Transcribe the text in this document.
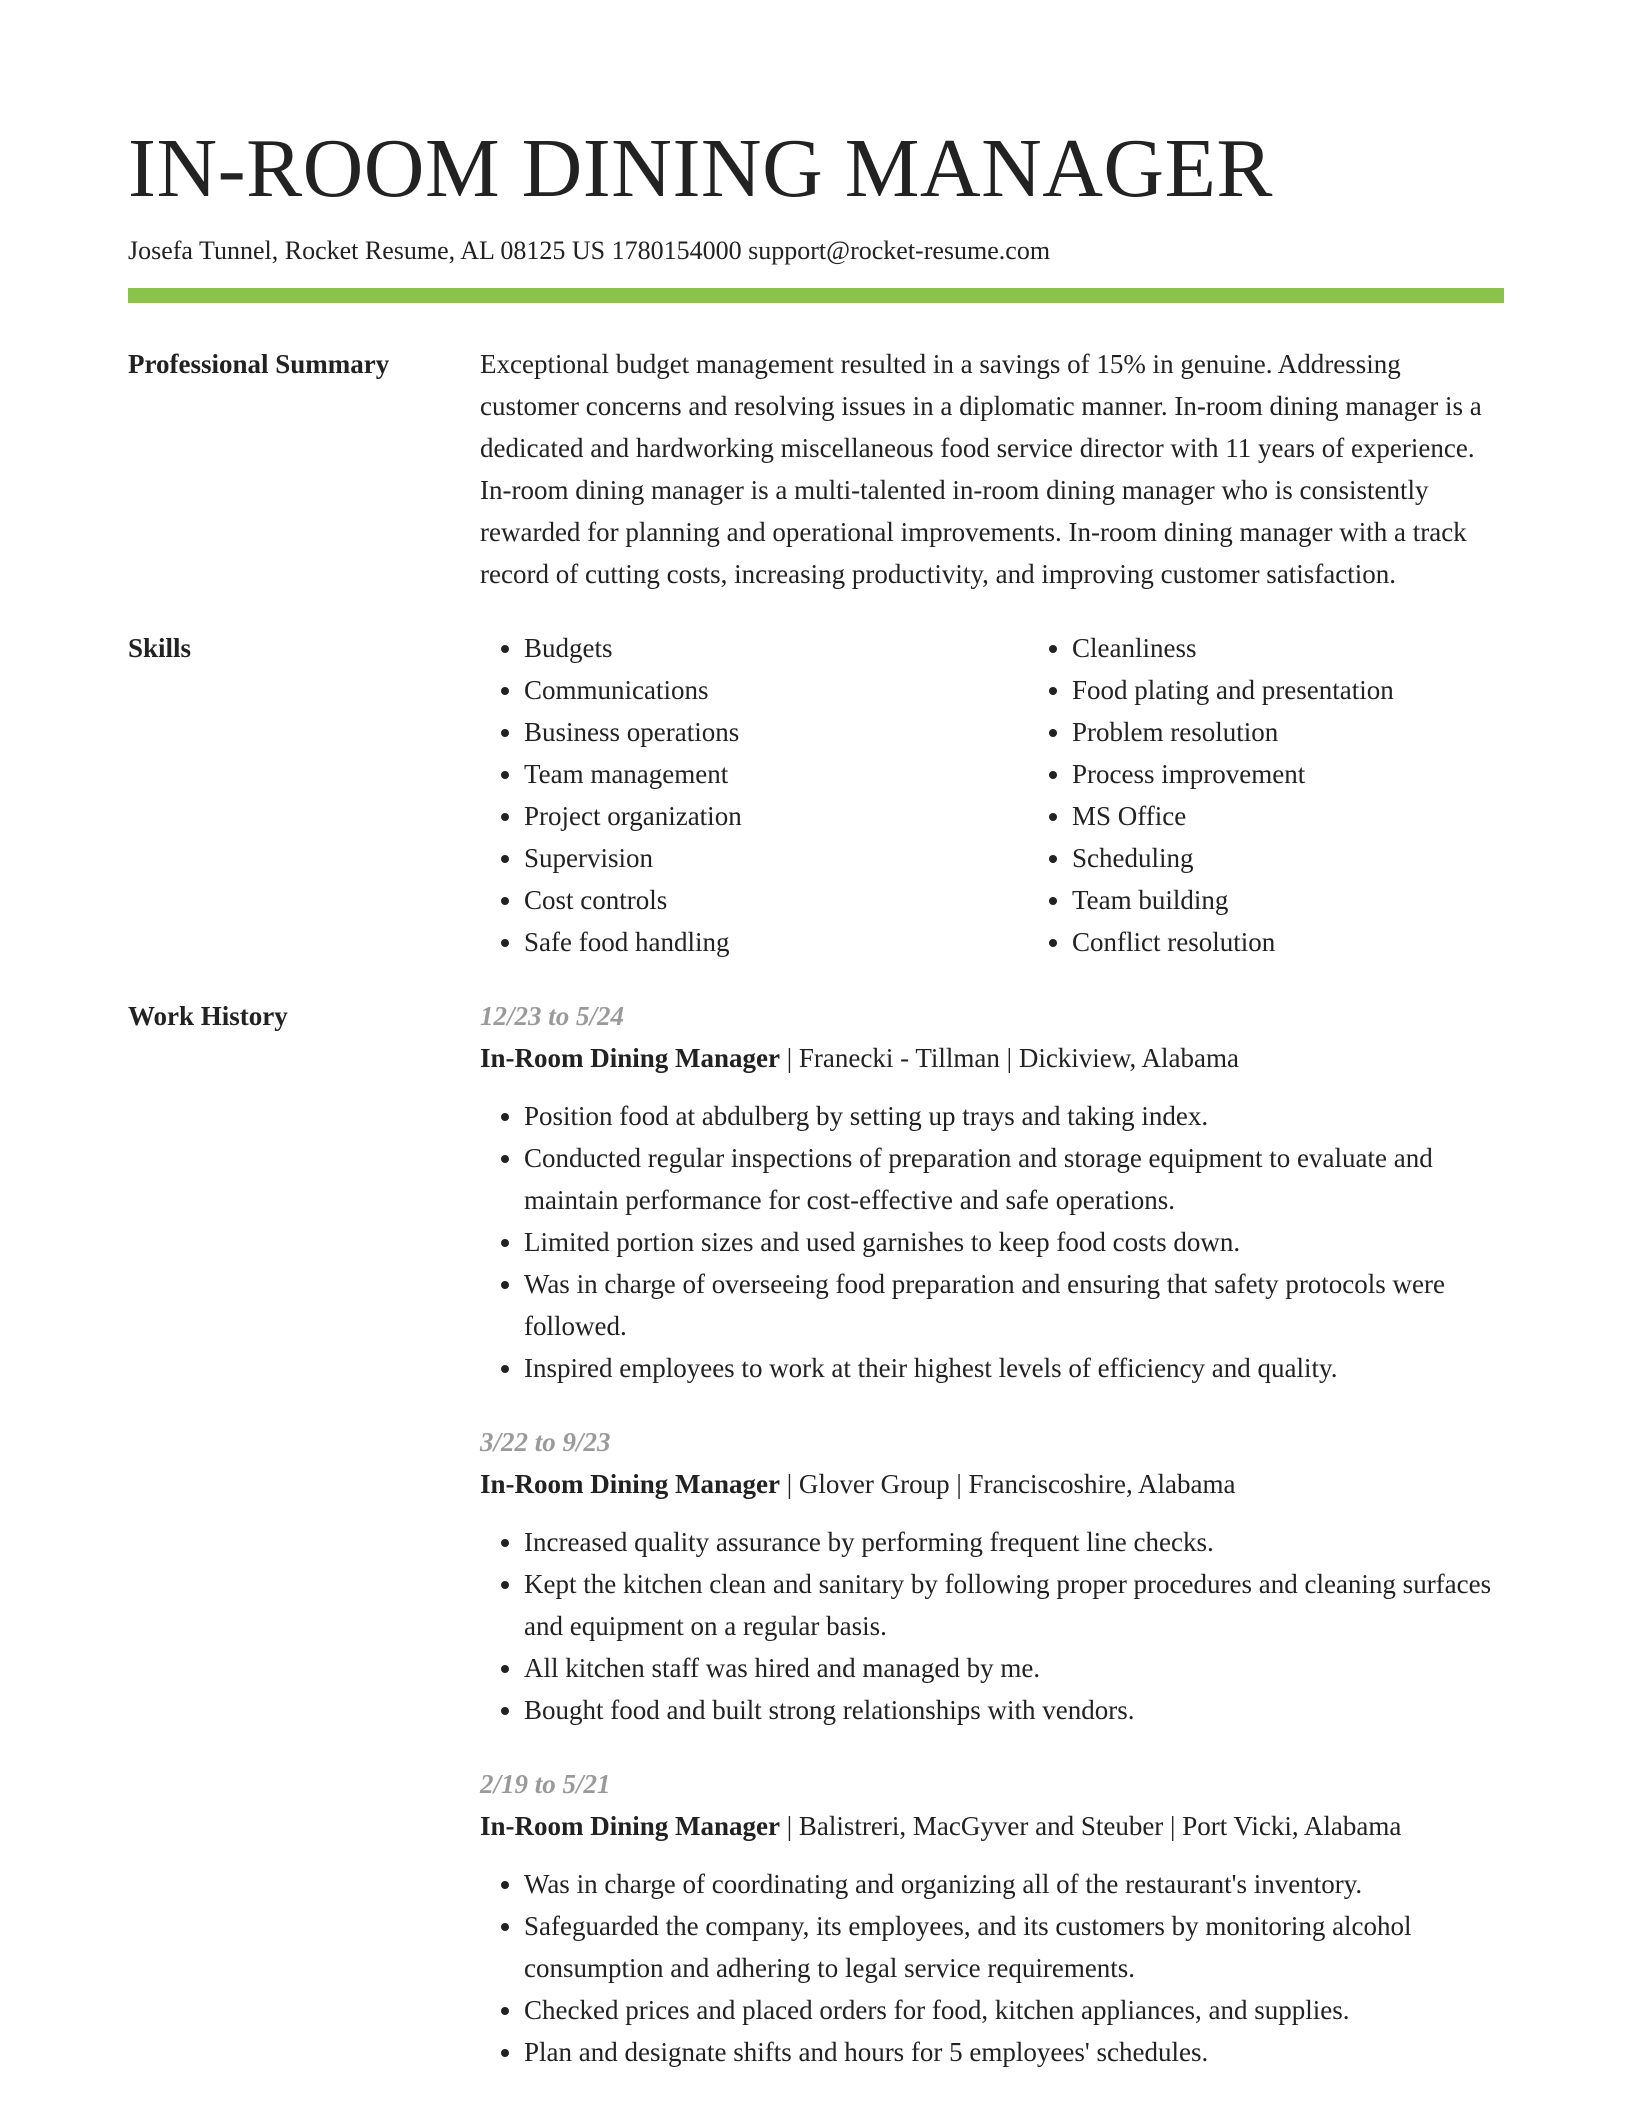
IN-ROOM DINING MANAGER
Josefa Tunnel, Rocket Resume, AL 08125 US 1780154000 support@rocket-resume.com
Professional Summary	Exceptional budget management resulted in a savings of 15% in genuine. Addressing customer concerns and resolving issues in a diplomatic manner. In-room dining manager is a dedicated and hardworking miscellaneous food service director with 11 years of experience. In-room dining manager is a multi-talented in-room dining manager who is consistently rewarded for planning and operational improvements. In-room dining manager with a track record of cutting costs, increasing productivity, and improving customer satisfaction.

Skills
•	Budgets
• Communications
• Business operations
• Team management
• Project organization
• Supervision
• Cost controls
• Safe food handling
• Cleanliness
• Food plating and presentation
• Problem resolution
• Process improvement
• MS Office
• Scheduling
• Team building
• Conflict resolution
Work History	12/23 to 5/24
In-Room Dining Manager | Franecki - Tillman | Dickiview, Alabama
• Position food at abdulberg by setting up trays and taking index.
• Conducted regular inspections of preparation and storage equipment to evaluate and maintain performance for cost-effective and safe operations.
• Limited portion sizes and used garnishes to keep food costs down.
• Was in charge of overseeing food preparation and ensuring that safety protocols were followed.
• Inspired employees to work at their highest levels of efficiency and quality.
3/22 to 9/23
In-Room Dining Manager | Glover Group | Franciscoshire, Alabama
• Increased quality assurance by performing frequent line checks.
• Kept the kitchen clean and sanitary by following proper procedures and cleaning surfaces and equipment on a regular basis.
• All kitchen staff was hired and managed by me.
• Bought food and built strong relationships with vendors.
2/19 to 5/21
In-Room Dining Manager | Balistreri, MacGyver and Steuber | Port Vicki, Alabama
• Was in charge of coordinating and organizing all of the restaurant's inventory.
• Safeguarded the company, its employees, and its customers by monitoring alcohol consumption and adhering to legal service requirements.
• Checked prices and placed orders for food, kitchen appliances, and supplies.
• Plan and designate shifts and hours for 5 employees' schedules.
